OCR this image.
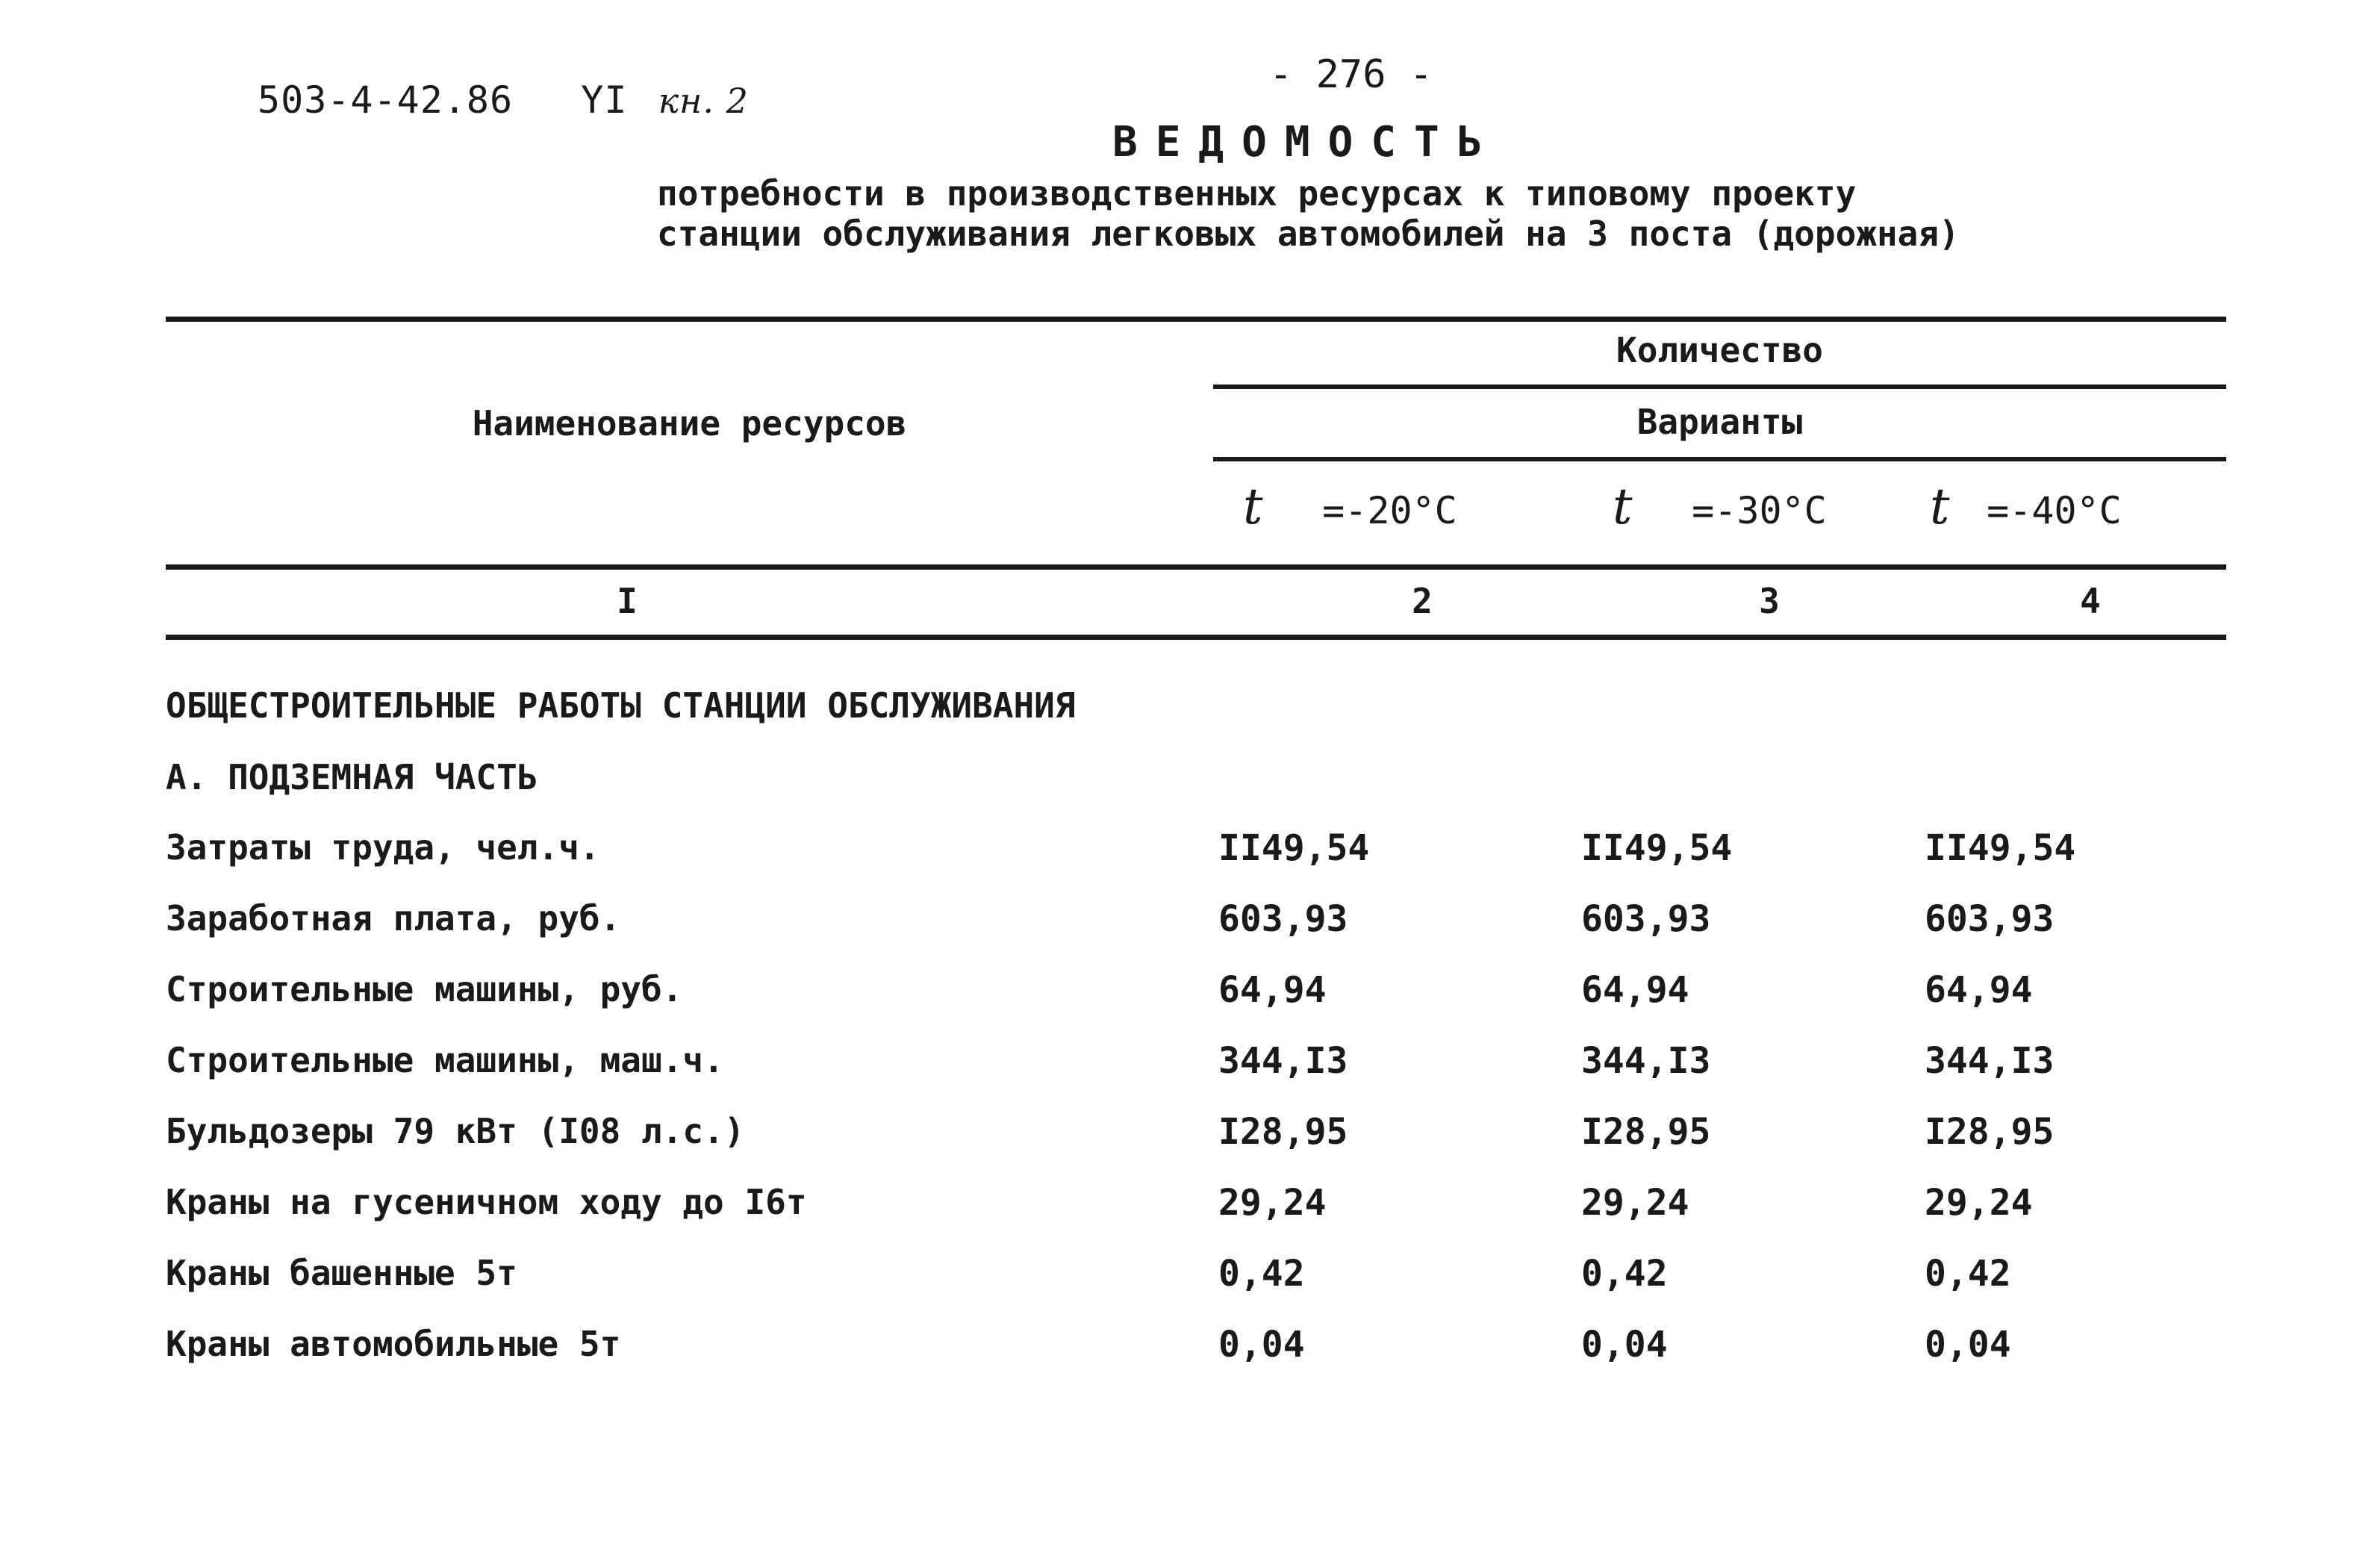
503-4-42.86 YI кн. 2
- 276 -
ВЕДОМОСТЬ
потребности в производственных ресурсах к типовому проекту
станции обслуживания легковых автомобилей на 3 поста (дорожная)
Наименование ресурсов
Количество
Варианты
t =-20°C	t =-30°C t =-40°C
I	2	3	4
ОБЩЕСТРОИТЕЛЬНЫЕ РАБОТЫ СТАНЦИИ ОБСЛУЖИВАНИЯ
А. ПОДЗЕМНАЯ ЧАСТЬ
Затраты труда, чел.ч.	II49,54	II49,54	II49,54
Заработная плата, руб.	603,93	603,93	603,93
Строительные машины, руб.	64,94	64,94	64,94
Строительные машины, маш.ч.	344,I3	344,I3	344,I3
Бульдозеры 79 кВт (I08 л.с.)	I28,95	I28,95	I28,95
Краны на гусеничном ходу до I6т	29,24	29,24	29,24
Краны башенные 5т	0,42	0,42	0,42
Краны автомобильные 5т	0,04	0,04	0,04
